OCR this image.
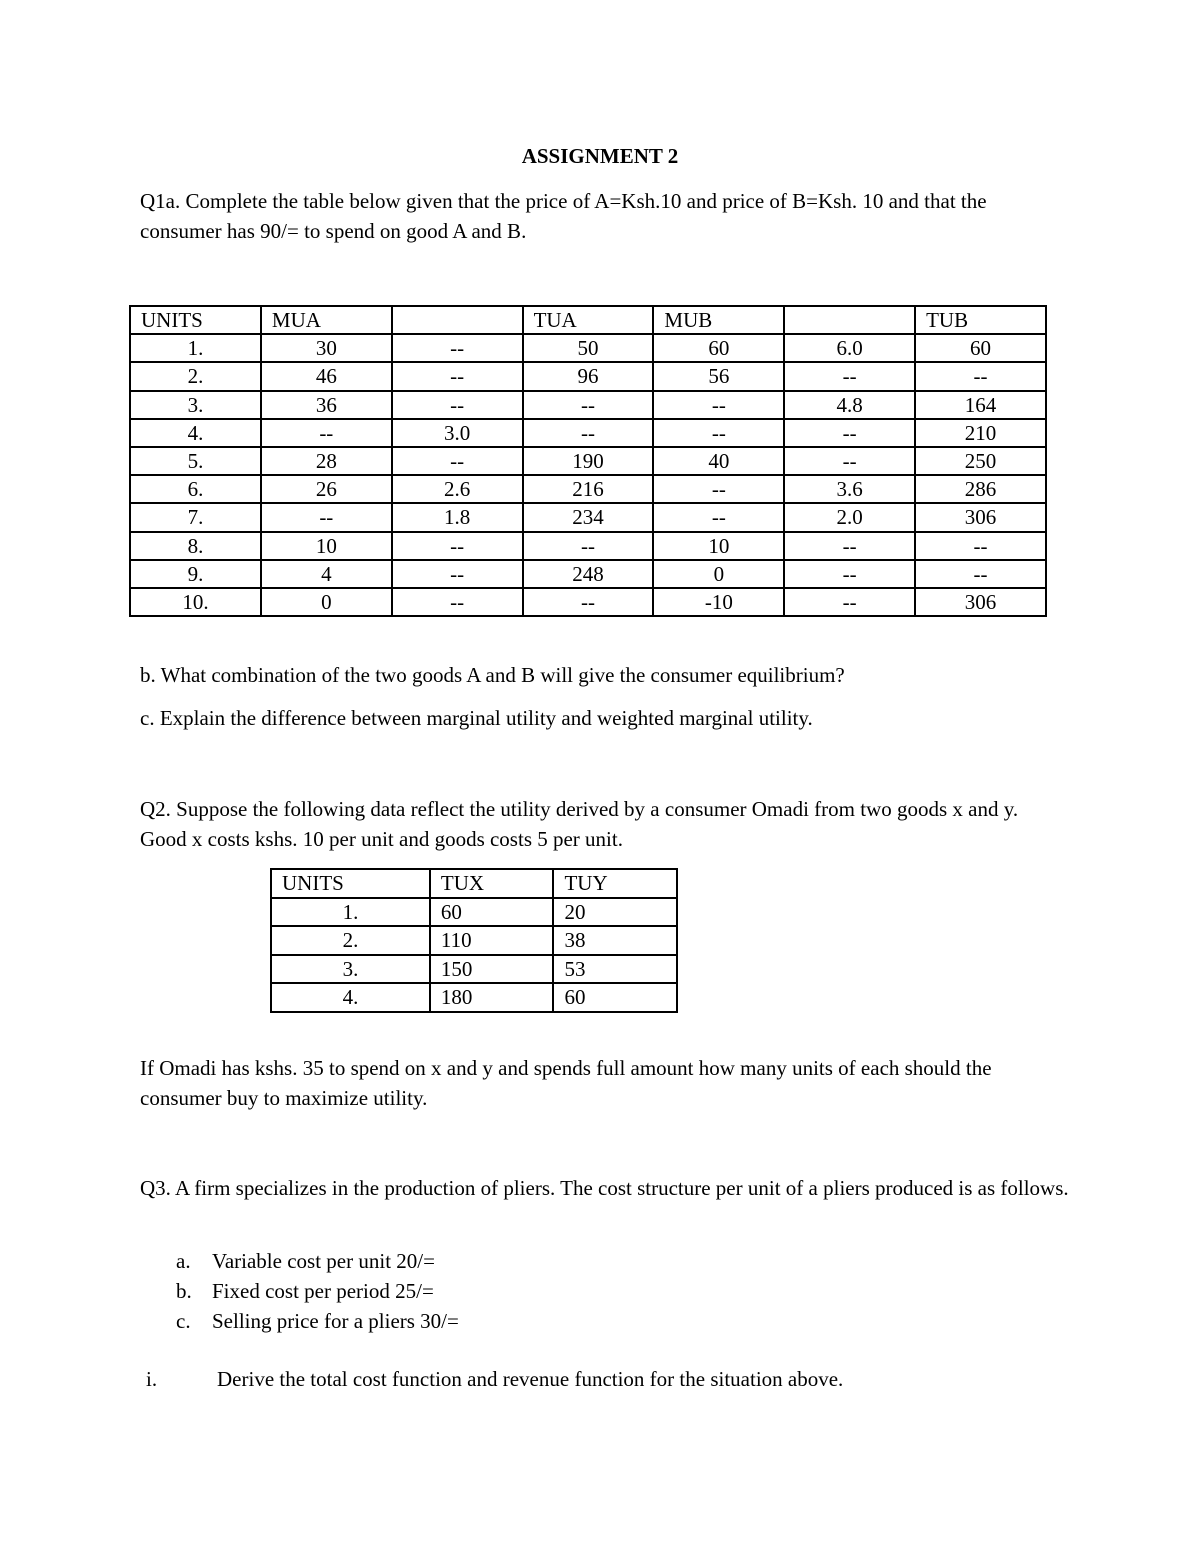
ASSIGNMENT 2
Q1a. Complete the table below given that the price of A=Ksh.10 and price of B=Ksh. 10 and that the consumer has 90/= to spend on good A and B.
UNITS	MUA		TUA	MUB		TUB
1.	30	--	50	60	6.0	60
2.	46	--	96	56	--	--
3.	36	--	--	--	4.8	164
4.	--	3.0	--	--	--	210
5.	28	--	190	40	--	250
6.	26	2.6	216	--	3.6	286
7.	--	1.8	234	--	2.0	306
8.	10	--	--	10	--	--
9.	4	--	248	0	--	--
10.	0	--	--	-10	--	306
b. What combination of the two goods A and B will give the consumer equilibrium?
c. Explain the difference between marginal utility and weighted marginal utility.
Q2. Suppose the following data reflect the utility derived by a consumer Omadi from two goods x and y. Good x costs kshs. 10 per unit and goods costs 5 per unit.
UNITS	TUX	TUY
1.	60	20
2.	110	38
3.	150	53
4.	180	60
If Omadi has kshs. 35 to spend on x and y and spends full amount how many units of each should the consumer buy to maximize utility.
Q3. A firm specializes in the production of pliers. The cost structure per unit of a pliers produced is as follows.
a. Variable cost per unit 20/=
b. Fixed cost per period 25/=
c. Selling price for a pliers 30/=
i.	Derive the total cost function and revenue function for the situation above.
